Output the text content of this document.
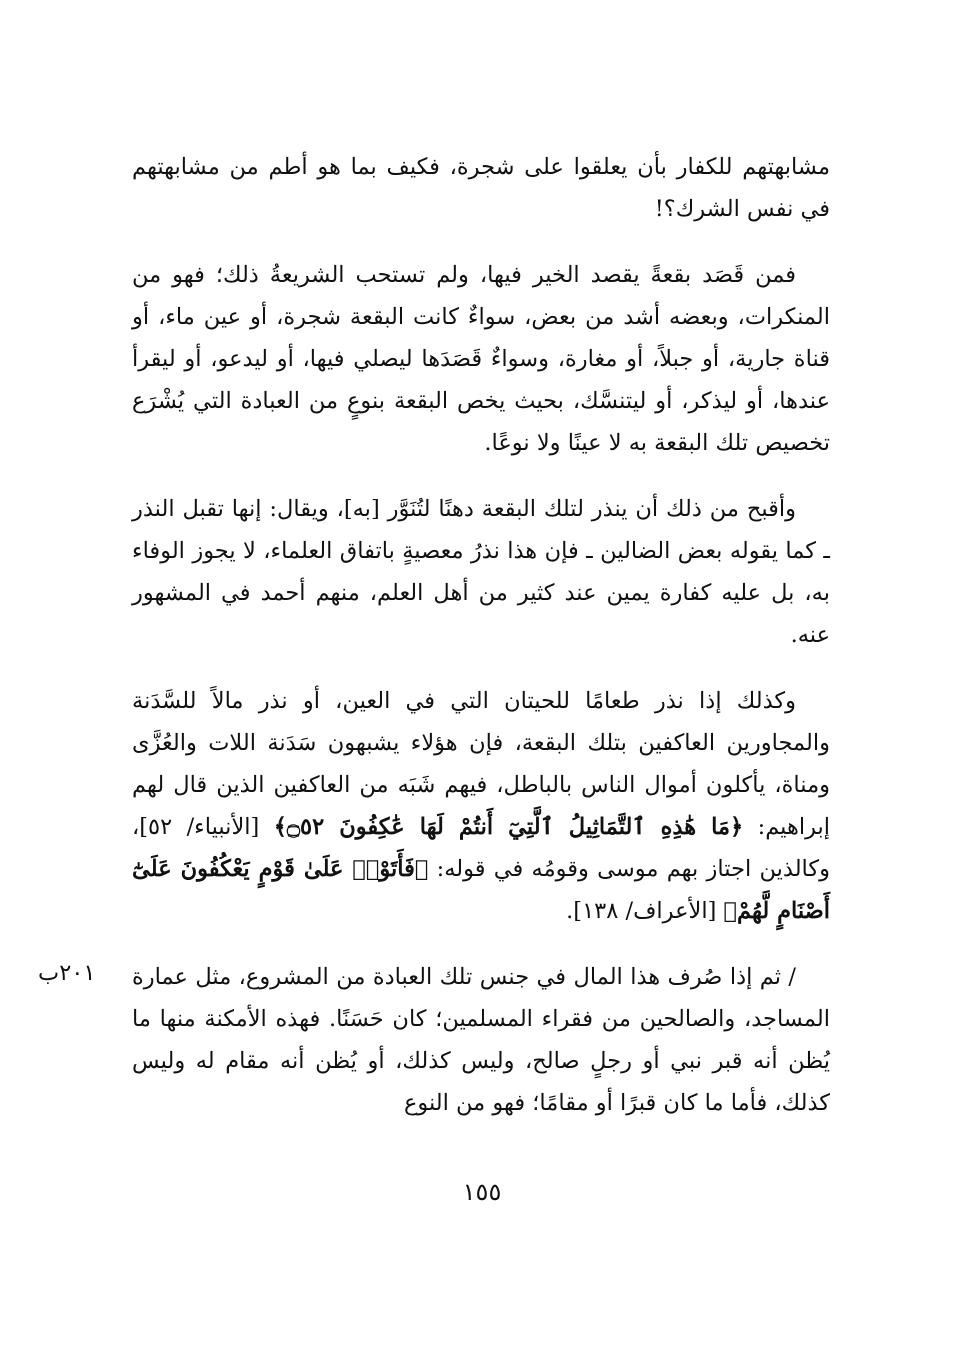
مشابهتهم للكفار بأن يعلقوا على شجرة، فكيف بما هو أطم من مشابهتهم في نفس الشرك؟!

فمن قَصَد بقعةً يقصد الخير فيها، ولم تستحب الشريعةُ ذلك؛ فهو من المنكرات، وبعضه أشد من بعض، سواءٌ كانت البقعة شجرة، أو عين ماء، أو قناة جارية، أو جبلاً، أو مغارة، وسواءٌ قَصَدَها ليصلي فيها، أو ليدعو، أو ليقرأ عندها، أو ليذكر، أو ليتنسَّك، بحيث يخص البقعة بنوعٍ من العبادة التي يُشْرَع تخصيص تلك البقعة به لا عينًا ولا نوعًا.

وأقبح من ذلك أن ينذر لتلك البقعة دهنًا لتُنَوَّر [به]، ويقال: إنها تقبل النذر ـ كما يقوله بعض الضالين ـ فإن هذا نذرُ معصيةٍ باتفاق العلماء، لا يجوز الوفاء به، بل عليه كفارة يمين عند كثير من أهل العلم، منهم أحمد في المشهور عنه.

وكذلك إذا نذر طعامًا للحيتان التي في العين، أو نذر مالاً للسَّدَنة والمجاورين العاكفين بتلك البقعة، فإن هؤلاء يشبهون سَدَنة اللات والعُزَّى ومناة، يأكلون أموال الناس بالباطل، فيهم شَبَه من العاكفين الذين قال لهم إبراهيم: ﴿مَا هَٰذِهِ ٱلتَّمَاثِيلُ ٱلَّتِيٓ أَنتُمْ لَهَا عَٰكِفُونَ ۝٥٢﴾ [الأنبياء/ ٥٢]، وكالذين اجتاز بهم موسى وقومُه في قوله: ﴿فَأَتَوْا۟ عَلَىٰ قَوْمٍ يَعْكُفُونَ عَلَىٰٓ أَصْنَامٍ لَّهُمْ﴾ [الأعراف/ ١٣٨].

/ ثم إذا صُرف هذا المال في جنس تلك العبادة من المشروع، مثل عمارة المساجد، والصالحين من فقراء المسلمين؛ كان حَسَنًا. فهذه الأمكنة منها ما يُظن أنه قبر نبي أو رجلٍ صالح، وليس كذلك، أو يُظن أنه مقام له وليس كذلك، فأما ما كان قبرًا أو مقامًا؛ فهو من النوع

٢٠١ب
١٥٥
